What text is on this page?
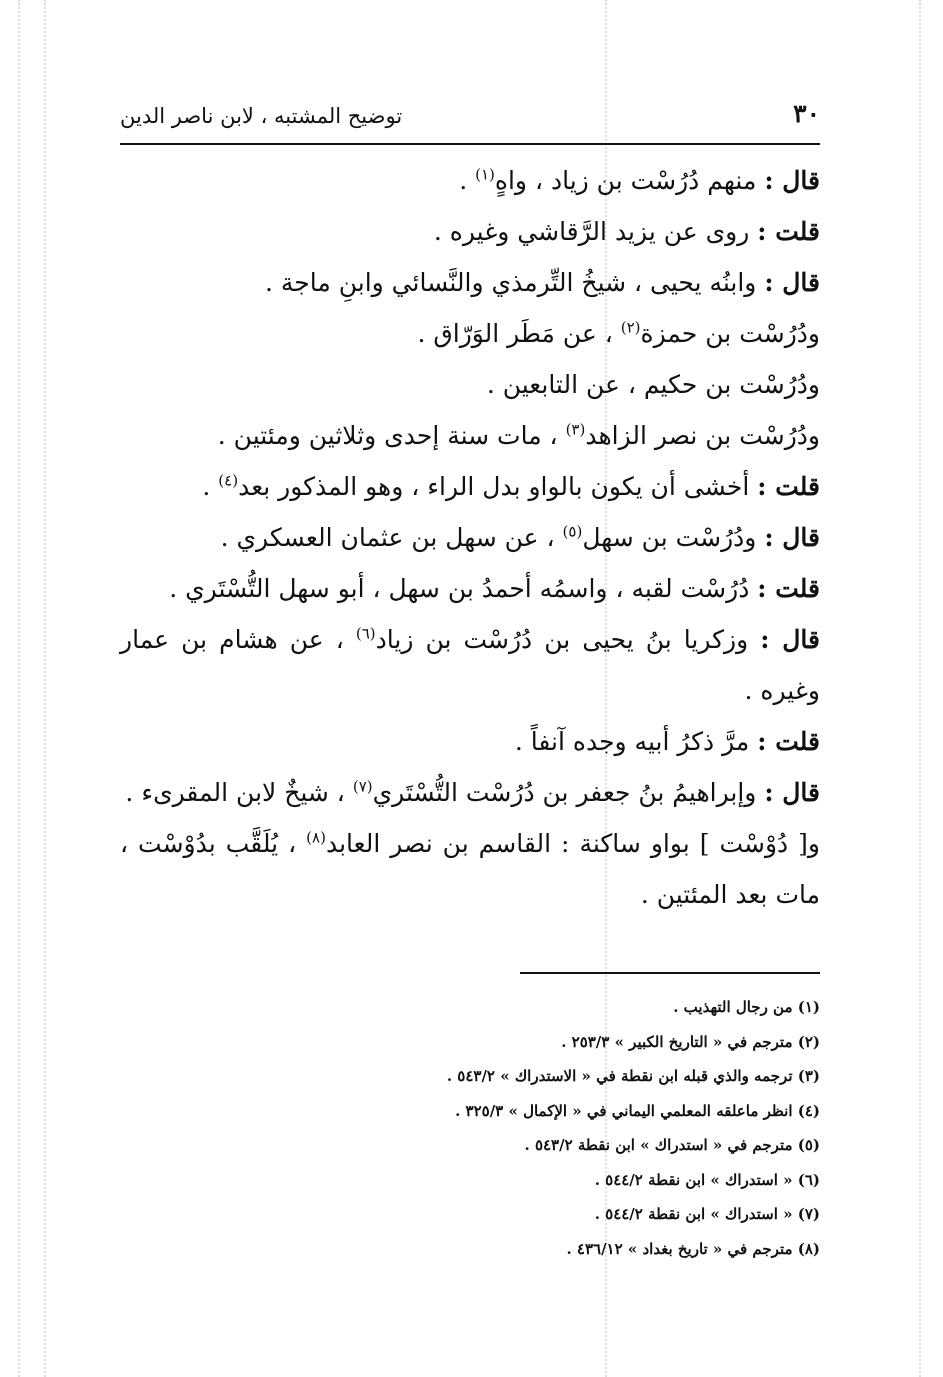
٣٠
توضيح المشتبه ، لابن ناصر الدين

قال : منهم دُرُسْت بن زياد ، واهٍ$^{(١)}$ .

قلت : روى عن يزيد الرَّقاشي وغيره .

قال : وابنُه يحيى ، شيخُ التِّرمذي والنَّسائي وابنِ ماجة .

ودُرُسْت بن حمزة$^{(٢)}$ ، عن مَطَر الوَرّاق .

ودُرُسْت بن حكيم ، عن التابعين .

ودُرُسْت بن نصر الزاهد$^{(٣)}$ ، مات سنة إحدى وثلاثين ومئتين .

قلت : أخشى أن يكون بالواو بدل الراء ، وهو المذكور بعد$^{(٤)}$ .

قال : ودُرُسْت بن سهل$^{(٥)}$ ، عن سهل بن عثمان العسكري .

قلت : دُرُسْت لقبه ، واسمُه أحمدُ بن سهل ، أبو سهل التُّسْتَري .

قال : وزكريا بنُ يحيى بن دُرُسْت بن زياد$^{(٦)}$ ، عن هشام بن عمار وغيره .

قلت : مرَّ ذكرُ أبيه وجده آنفاً .

قال : وإبراهيمُ بنُ جعفر بن دُرُسْت التُّسْتَري$^{(٧)}$ ، شيخٌ لابن المقرىء .

و[ دُوْسْت ] بواو ساكنة : القاسم بن نصر العابد$^{(٨)}$ ، يُلَقَّب بدُوْسْت ، مات بعد المئتين .

(١) من رجال التهذيب .

(٢) مترجم في « التاريخ الكبير » ٢٥٣/٣ .

(٣) ترجمه والذي قبله ابن نقطة في « الاستدراك » ٥٤٣/٢ .

(٤) انظر ماعلقه المعلمي اليماني في « الإكمال » ٣٢٥/٣ .

(٥) مترجم في « استدراك » ابن نقطة ٥٤٣/٢ .

(٦) « استدراك » ابن نقطة ٥٤٤/٢ .

(٧) « استدراك » ابن نقطة ٥٤٤/٢ .

(٨) مترجم في « تاريخ بغداد » ٤٣٦/١٢ .
